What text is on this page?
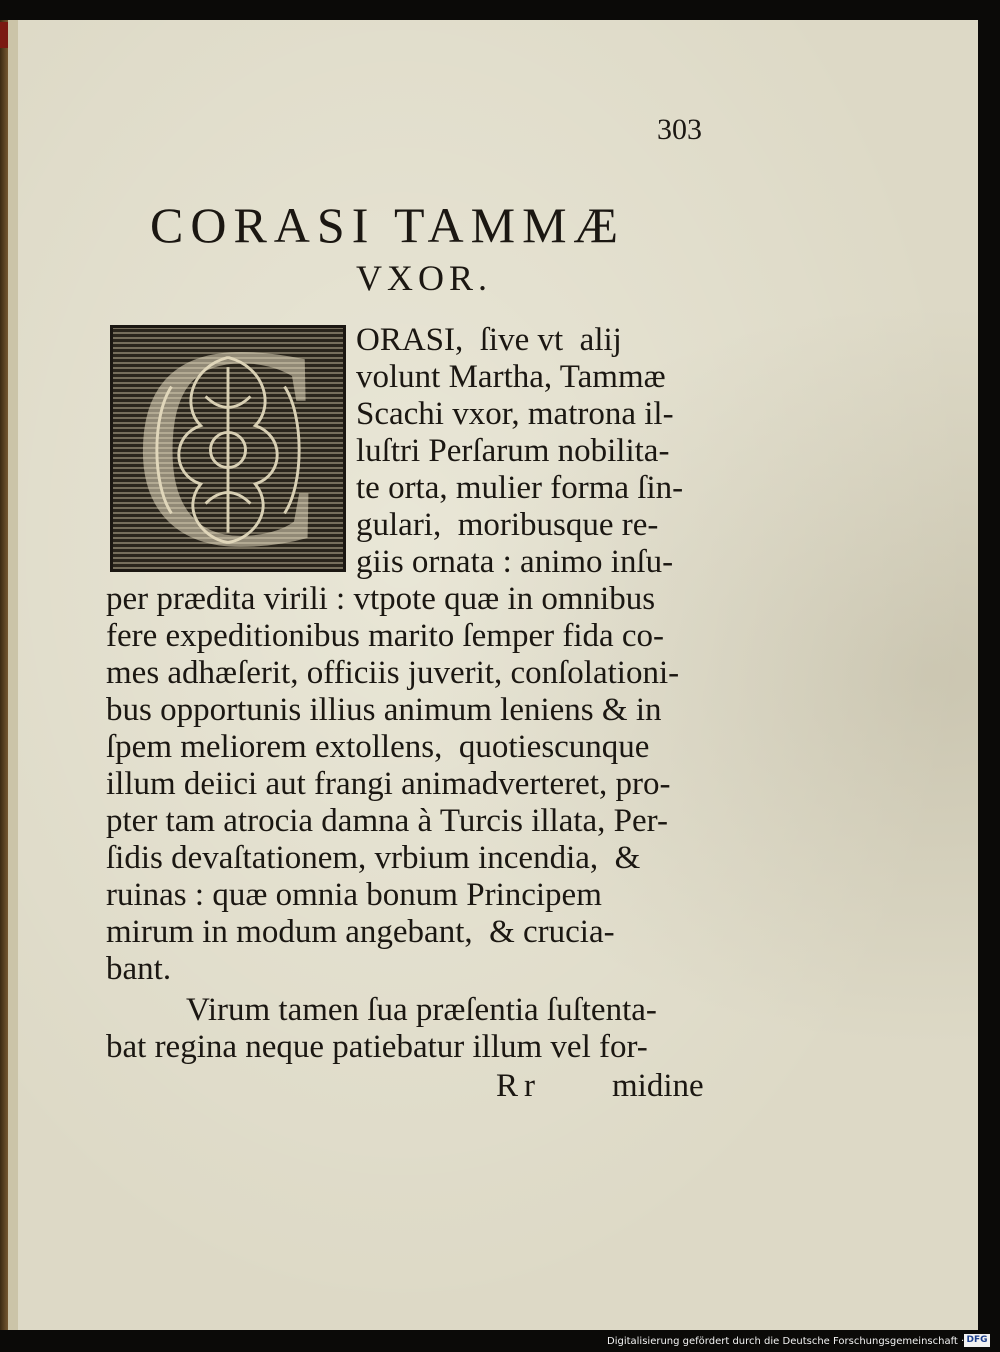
303
CORASI TAMMÆ
VXOR.
C ORASI,  ſive vt  alij
volunt Martha, Tammæ
Scachi vxor, matrona il-
luſtri Perſarum nobilita-
te orta, mulier forma ſin-
gulari,  moribusque re-
giis ornata : animo inſu-
per prædita virili : vtpote quæ in omnibus
fere expeditionibus marito ſemper fida co-
mes adhæſerit, officiis juverit, conſolationi-
bus opportunis illius animum leniens & in
ſpem meliorem extollens,  quotiescunque
illum deiici aut frangi animadverteret, pro-
pter tam atrocia damna à Turcis illata, Per-
ſidis devaſtationem, vrbium incendia,  &
ruinas : quæ omnia bonum Principem
mirum in modum angebant,  & crucia-
bant.
Virum tamen ſua præſentia ſuſtenta-
bat regina neque patiebatur illum vel for-
Rr midine
Digitalisierung gefördert durch die Deutsche Forschungsgemeinschaft · DFG
